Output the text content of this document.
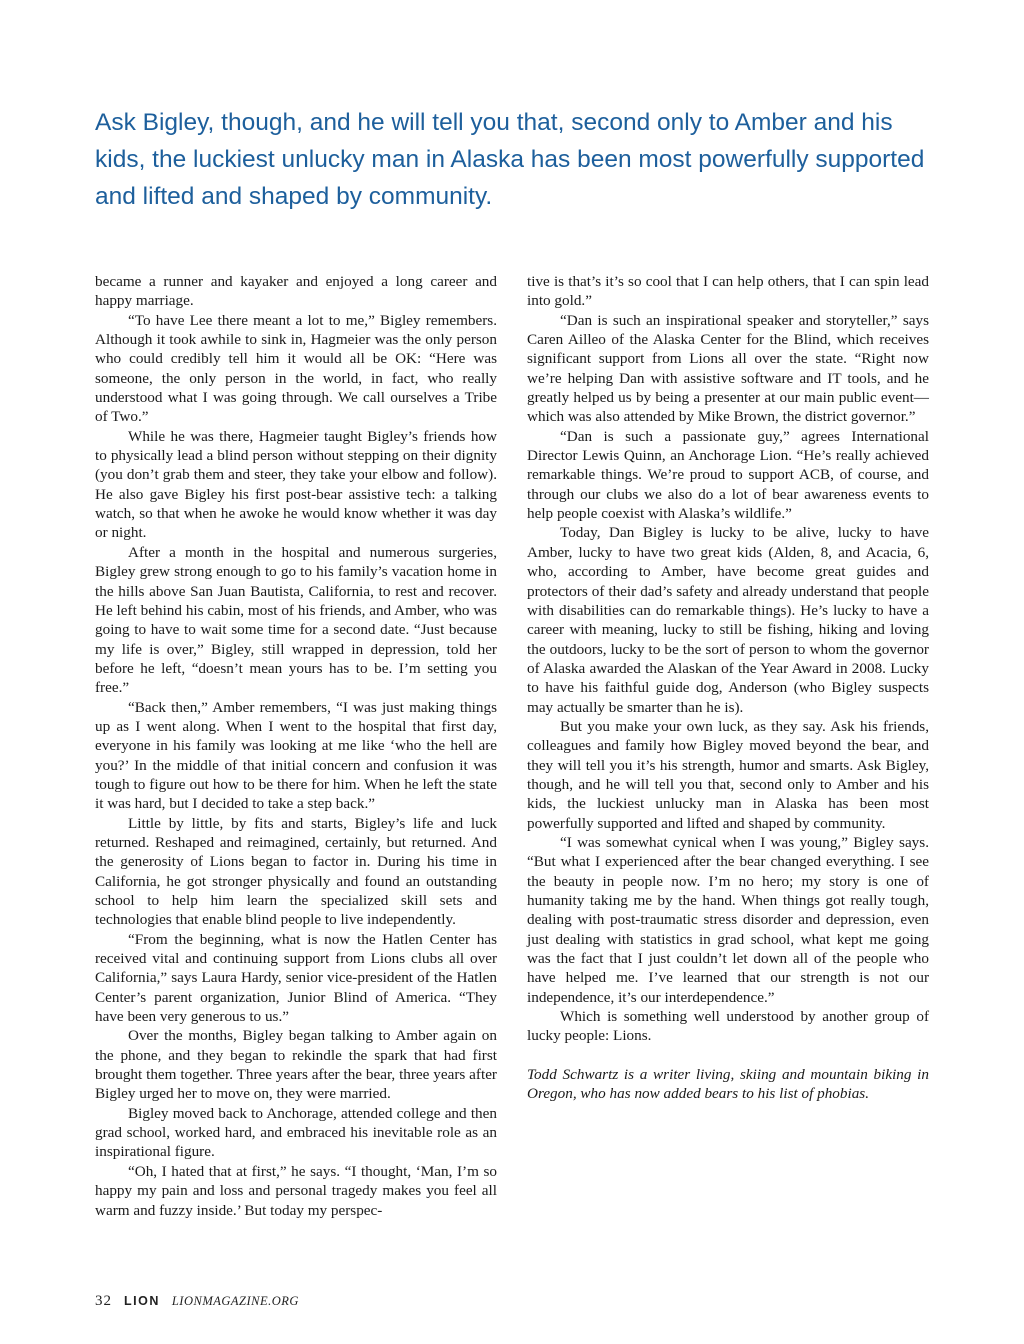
Ask Bigley, though, and he will tell you that, second only to Amber and his kids, the luckiest unlucky man in Alaska has been most powerfully supported and lifted and shaped by community.

became a runner and kayaker and enjoyed a long career and happy marriage.

“To have Lee there meant a lot to me,” Bigley remembers. Although it took awhile to sink in, Hagmeier was the only person who could credibly tell him it would all be OK: “Here was someone, the only person in the world, in fact, who really understood what I was going through. We call ourselves a Tribe of Two.”

While he was there, Hagmeier taught Bigley’s friends how to physically lead a blind person without stepping on their dignity (you don’t grab them and steer, they take your elbow and follow). He also gave Bigley his first post-bear assistive tech: a talking watch, so that when he awoke he would know whether it was day or night.

After a month in the hospital and numerous surgeries, Bigley grew strong enough to go to his family’s vacation home in the hills above San Juan Bautista, California, to rest and recover. He left behind his cabin, most of his friends, and Amber, who was going to have to wait some time for a second date. “Just because my life is over,” Bigley, still wrapped in depression, told her before he left, “doesn’t mean yours has to be. I’m setting you free.”

“Back then,” Amber remembers, “I was just making things up as I went along. When I went to the hospital that first day, everyone in his family was looking at me like ‘who the hell are you?’ In the middle of that initial concern and confusion it was tough to figure out how to be there for him. When he left the state it was hard, but I decided to take a step back.”

Little by little, by fits and starts, Bigley’s life and luck returned. Reshaped and reimagined, certainly, but returned. And the generosity of Lions began to factor in. During his time in California, he got stronger physically and found an outstanding school to help him learn the specialized skill sets and technologies that enable blind people to live independently.

“From the beginning, what is now the Hatlen Center has received vital and continuing support from Lions clubs all over California,” says Laura Hardy, senior vice-president of the Hatlen Center’s parent organization, Junior Blind of America. “They have been very generous to us.”

Over the months, Bigley began talking to Amber again on the phone, and they began to rekindle the spark that had first brought them together. Three years after the bear, three years after Bigley urged her to move on, they were married.

Bigley moved back to Anchorage, attended college and then grad school, worked hard, and embraced his inevitable role as an inspirational figure.

“Oh, I hated that at first,” he says. “I thought, ‘Man, I’m so happy my pain and loss and personal tragedy makes you feel all warm and fuzzy inside.’ But today my perspec-

tive is that’s it’s so cool that I can help others, that I can spin lead into gold.”

“Dan is such an inspirational speaker and storyteller,” says Caren Ailleo of the Alaska Center for the Blind, which receives significant support from Lions all over the state. “Right now we’re helping Dan with assistive software and IT tools, and he greatly helped us by being a presenter at our main public event—which was also attended by Mike Brown, the district governor.”

“Dan is such a passionate guy,” agrees International Director Lewis Quinn, an Anchorage Lion. “He’s really achieved remarkable things. We’re proud to support ACB, of course, and through our clubs we also do a lot of bear awareness events to help people coexist with Alaska’s wildlife.”

Today, Dan Bigley is lucky to be alive, lucky to have Amber, lucky to have two great kids (Alden, 8, and Acacia, 6, who, according to Amber, have become great guides and protectors of their dad’s safety and already understand that people with disabilities can do remarkable things). He’s lucky to have a career with meaning, lucky to still be fishing, hiking and loving the outdoors, lucky to be the sort of person to whom the governor of Alaska awarded the Alaskan of the Year Award in 2008. Lucky to have his faithful guide dog, Anderson (who Bigley suspects may actually be smarter than he is).

But you make your own luck, as they say. Ask his friends, colleagues and family how Bigley moved beyond the bear, and they will tell you it’s his strength, humor and smarts. Ask Bigley, though, and he will tell you that, second only to Amber and his kids, the luckiest unlucky man in Alaska has been most powerfully supported and lifted and shaped by community.

“I was somewhat cynical when I was young,” Bigley says. “But what I experienced after the bear changed everything. I see the beauty in people now. I’m no hero; my story is one of humanity taking me by the hand. When things got really tough, dealing with post-traumatic stress disorder and depression, even just dealing with statistics in grad school, what kept me going was the fact that I just couldn’t let down all of the people who have helped me. I’ve learned that our strength is not our independence, it’s our interdependence.”

Which is something well understood by another group of lucky people: Lions.

Todd Schwartz is a writer living, skiing and mountain biking in Oregon, who has now added bears to his list of phobias.

32 LION LIONMAGAZINE.ORG
